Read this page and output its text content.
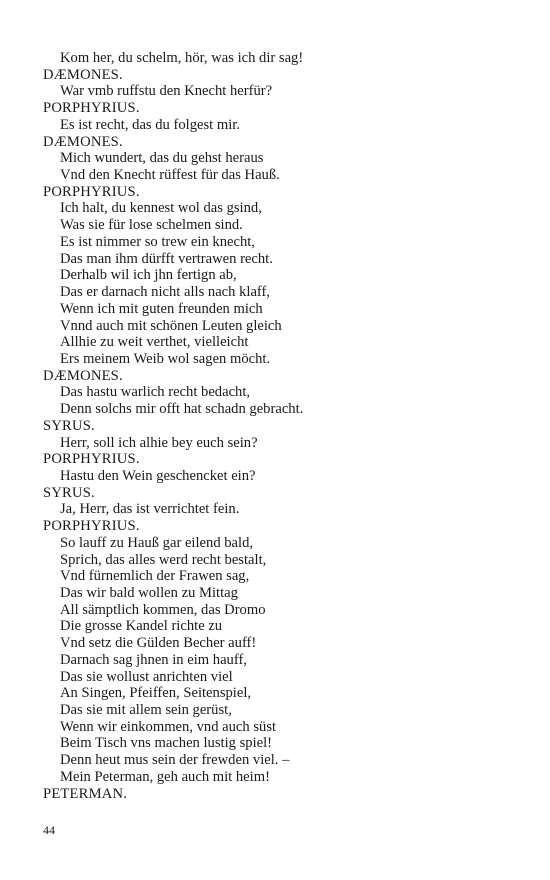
Kom her, du schelm, hör, was ich dir sag!
DÆMONES.
War vmb ruffstu den Knecht herfür?
PORPHYRIUS.
Es ist recht, das du folgest mir.
DÆMONES.
Mich wundert, das du gehst heraus
Vnd den Knecht rüffest für das Hauß.
PORPHYRIUS.
Ich halt, du kennest wol das gsind,
Was sie für lose schelmen sind.
Es ist nimmer so trew ein knecht,
Das man ihm dürfft vertrawen recht.
Derhalb wil ich jhn fertign ab,
Das er darnach nicht alls nach klaff,
Wenn ich mit guten freunden mich
Vnnd auch mit schönen Leuten gleich
Allhie zu weit verthet, vielleicht
Ers meinem Weib wol sagen möcht.
DÆMONES.
Das hastu warlich recht bedacht,
Denn solchs mir offt hat schadn gebracht.
SYRUS.
Herr, soll ich alhie bey euch sein?
PORPHYRIUS.
Hastu den Wein geschencket ein?
SYRUS.
Ja, Herr, das ist verrichtet fein.
PORPHYRIUS.
So lauff zu Hauß gar eilend bald,
Sprich, das alles werd recht bestalt,
Vnd fürnemlich der Frawen sag,
Das wir bald wollen zu Mittag
All sämptlich kommen, das Dromo
Die grosse Kandel richte zu
Vnd setz die Gülden Becher auff!
Darnach sag jhnen in eim hauff,
Das sie wollust anrichten viel
An Singen, Pfeiffen, Seitenspiel,
Das sie mit allem sein gerüst,
Wenn wir einkommen, vnd auch süst
Beim Tisch vns machen lustig spiel!
Denn heut mus sein der frewden viel. –
Mein Peterman, geh auch mit heim!
PETERMAN.
44
